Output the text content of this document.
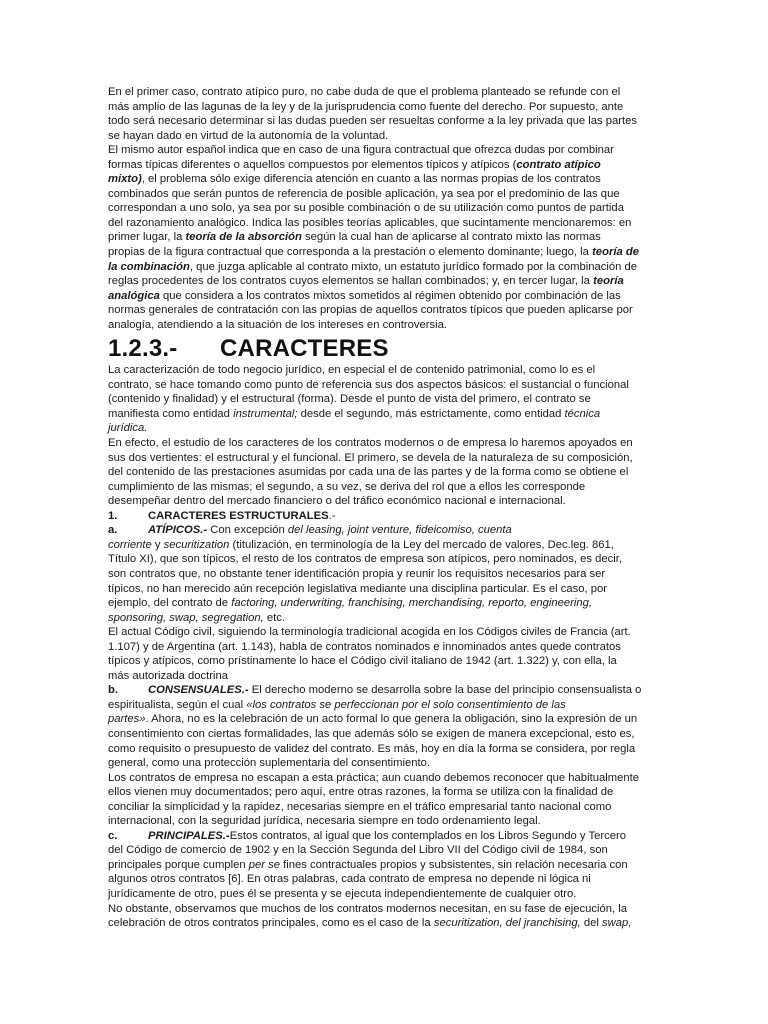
En el primer caso, contrato atípico puro, no cabe duda de que el problema planteado se refunde con el
más amplio de las lagunas de la ley y de la jurisprudencia como fuente del derecho. Por supuesto, ante
todo será necesario determinar si las dudas pueden ser resueltas conforme a la ley privada que las partes
se hayan dado en virtud de la autonomía de la voluntad.

El mismo autor español indica que en caso de una figura contractual que ofrezca dudas por combinar
formas típicas diferentes o aquellos compuestos por elementos típicos y atípicos (contrato atípico
mixto), el problema sólo exige diferencia atención en cuanto a las normas propias de los contratos
combinados que serán puntos de referencia de posible aplicación, ya sea por el predominio de las que
correspondan a uno solo, ya sea por su posible combinación o de su utilización como puntos de partida
del razonamiento analógico. Indica las posibles teorías aplicables, que sucintamente mencionaremos: en
primer lugar, la teoría de la absorción según la cual han de aplicarse al contrato mixto las normas
propias de la figura contractual que corresponda a la prestación o elemento dominante; luego, la teoría de
la combinación, que juzga aplicable al contrato mixto, un estatuto jurídico formado por la combinación de
reglas procedentes de los contratos cuyos elementos se hallan combinados; y, en tercer lugar, la teoría
analógica que considera a los contratos mixtos sometidos al régimen obtenido por combinación de las
normas generales de contratación con las propias de aquellos contratos típicos que pueden aplicarse por
analogía, atendiendo a la situación de los intereses en controversia.

1.2.3.- CARACTERES

La caracterización de todo negocio jurídico, en especial el de contenido patrimonial, como lo es el
contrato, se hace tomando como punto de referencia sus dos aspectos básicos: el sustancial o funcional
(contenido y finalidad) y el estructural (forma). Desde el punto de vista del primero, el contrato se
manifiesta como entidad instrumental; desde el segundo, más estrictamente, como entidad técnica
jurídica.

En efecto, el estudio de los caracteres de los contratos modernos o de empresa lo haremos apoyados en
sus dos vertientes: el estructural y el funcional. El primero, se devela de la naturaleza de su composición,
del contenido de las prestaciones asumidas por cada una de las partes y de la forma como se obtiene el
cumplimiento de las mismas; el segundo, a su vez, se deriva del rol que a ellos les corresponde
desempeñar dentro del mercado financiero o del tráfico económico nacional e internacional.

1.	CARACTERES ESTRUCTURALES.-

a.	ATÍPICOS.- Con excepción del leasing, joint venture, fideicomiso, cuenta
corriente y securitization (titulización, en terminología de la Ley del mercado de valores, Dec.leg. 861,
Título XI), que son típicos, el resto de los contratos de empresa son atípicos, pero nominados, es decir,
son contratos que, no obstante tener identificación propia y reunir los requisitos necesarios para ser
típicos, no han merecido aún recepción legislativa mediante una disciplina particular. Es el caso, por
ejemplo, del contrato de factoring, underwriting, franchising, merchandising, reporto, engineering,
sponsoring, swap, segregation, etc.

El actual Código civil, siguiendo la terminología tradicional acogida en los Códigos civiles de Francia (art.
1.107) y de Argentina (art. 1.143), habla de contratos nominados e innominados antes quede contratos
típicos y atípicos, como prístinamente lo hace el Código civil italiano de 1942 (art. 1.322) y, con ella, la
más autorizada doctrina

b.	CONSENSUALES.- El derecho moderno se desarrolla sobre la base del principio consensualista o
espiritualista, según el cual «los contratos se perfeccionan por el solo consentimiento de las
partes». Ahora, no es la celebración de un acto formal lo que genera la obligación, sino la expresión de un
consentimiento con ciertas formalidades, las que además sólo se exigen de manera excepcional, esto es,
como requisito o presupuesto de validez del contrato. Es más, hoy en día la forma se considera, por regla
general, como una protección suplementaria del consentimiento.

Los contratos de empresa no escapan a esta práctica; aun cuando debemos reconocer que habitualmente
ellos vienen muy documentados; pero aquí, entre otras razones, la forma se utiliza con la finalidad de
conciliar la simplicidad y la rapidez, necesarias siempre en el tráfico empresarial tanto nacional como
internacional, con la seguridad jurídica, necesaria siempre en todo ordenamiento legal.

c.	PRINCIPALES.-Estos contratos, al igual que los contemplados en los Libros Segundo y Tercero
del Código de comercio de 1902 y en la Sección Segunda del Libro VII del Código civil de 1984, son
principales porque cumplen per se fines contractuales propios y subsistentes, sin relación necesaria con
algunos otros contratos [6]. En otras palabras, cada contrato de empresa no depende ni lógica ni
jurídicamente de otro, pues él se presenta y se ejecuta independientemente de cualquier otro.

No obstante, observamos que muchos de los contratos modernos necesitan, en su fase de ejecución, la
celebración de otros contratos principales, como es el caso de la securitization, del jranchising, del swap,
